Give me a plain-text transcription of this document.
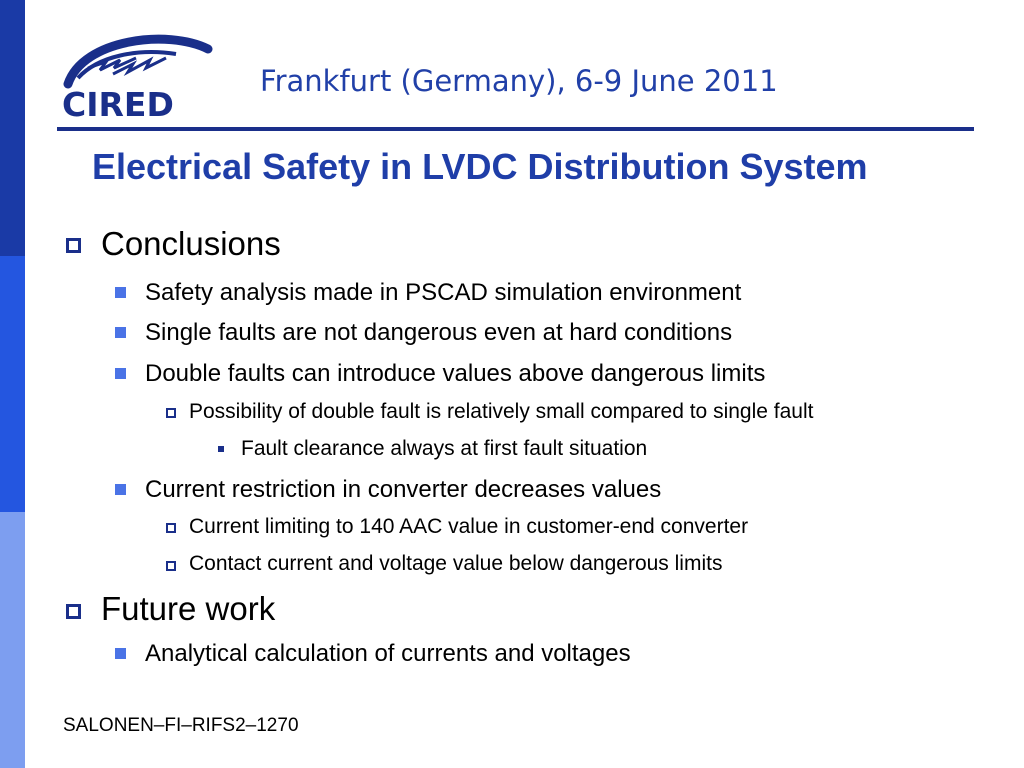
CIRED
Frankfurt (Germany), 6-9 June 2011
Electrical Safety in LVDC Distribution System
Conclusions
Safety analysis made in PSCAD simulation environment
Single faults are not dangerous even at hard conditions
Double faults can introduce values above dangerous limits
Possibility of double fault is relatively small compared to single fault
Fault clearance always at first fault situation
Current restriction in converter decreases values
Current limiting to 140 AAC value in customer-end converter
Contact current and voltage value below dangerous limits
Future work
Analytical calculation of currents and voltages
SALONEN–FI–RIFS2–1270
